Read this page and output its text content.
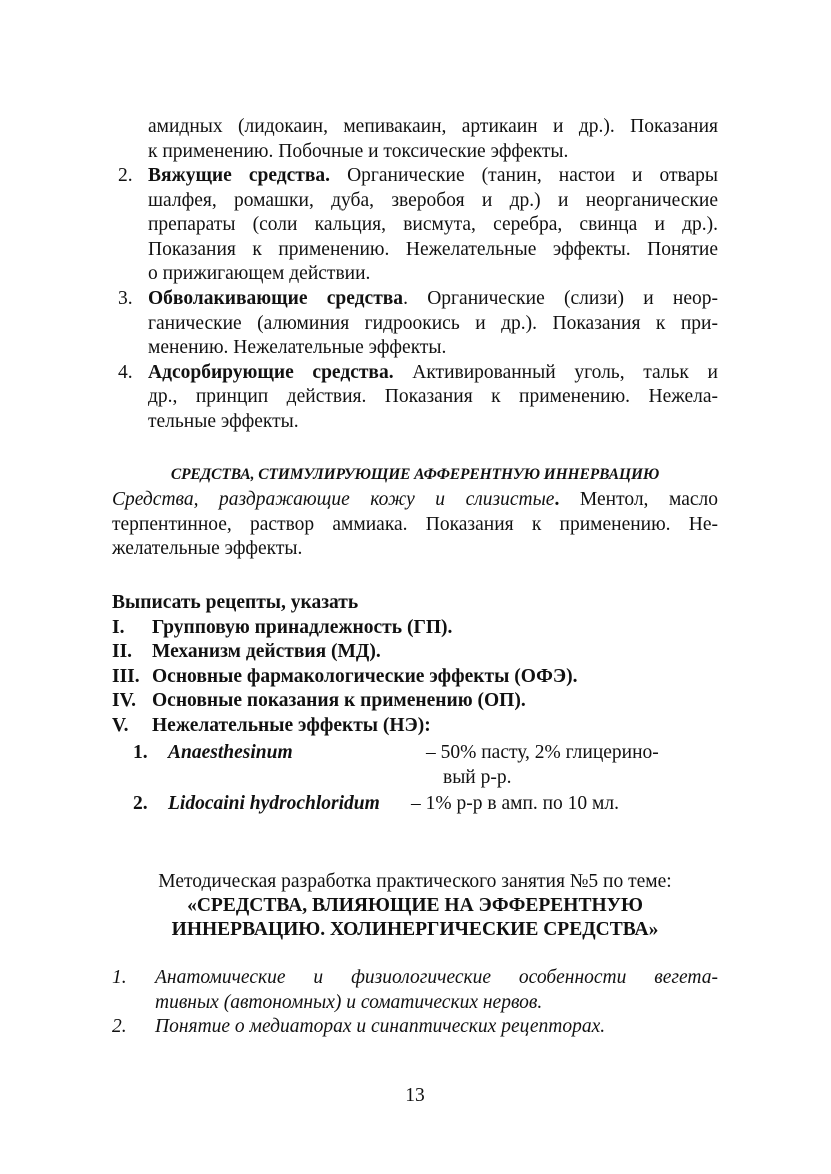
амидных (лидокаин, мепивакаин, артикаин и др.). Показания
к применению. Побочные и токсические эффекты.
2. Вяжущие средства. Органические (танин, настои и отвары
шалфея, ромашки, дуба, зверобоя и др.) и неорганические
препараты (соли кальция, висмута, серебра, свинца и др.).
Показания к применению. Нежелательные эффекты. Понятие
о прижигающем действии.
3. Обволакивающие средства. Органические (слизи) и неор-
ганические (алюминия гидроокись и др.). Показания к при-
менению. Нежелательные эффекты.
4. Адсорбирующие средства. Активированный уголь, тальк и
др., принцип действия. Показания к применению. Нежела-
тельные эффекты.
СРЕДСТВА, СТИМУЛИРУЮЩИЕ АФФЕРЕНТНУЮ ИННЕРВАЦИЮ
Средства, раздражающие кожу и слизистые. Ментол, масло
терпентинное, раствор аммиака. Показания к применению. Не-
желательные эффекты.
Выписать рецепты, указать
I. Групповую принадлежность (ГП).
II. Механизм действия (МД).
III. Основные фармакологические эффекты (ОФЭ).
IV. Основные показания к применению (ОП).
V. Нежелательные эффекты (НЭ):
1. Anaesthesinum	– 50% пасту, 2% глицерино-
вый р-р.
2. Lidocaini hydrochloridum – 1% р-р в амп. по 10 мл.
Методическая разработка практического занятия №5 по теме:
«СРЕДСТВА, ВЛИЯЮЩИЕ НА ЭФФЕРЕНТНУЮ
ИННЕРВАЦИЮ. ХОЛИНЕРГИЧЕСКИЕ СРЕДСТВА»
1. Анатомические и физиологические особенности вегета-
тивных (автономных) и соматических нервов.
2. Понятие о медиаторах и синаптических рецепторах.
13
